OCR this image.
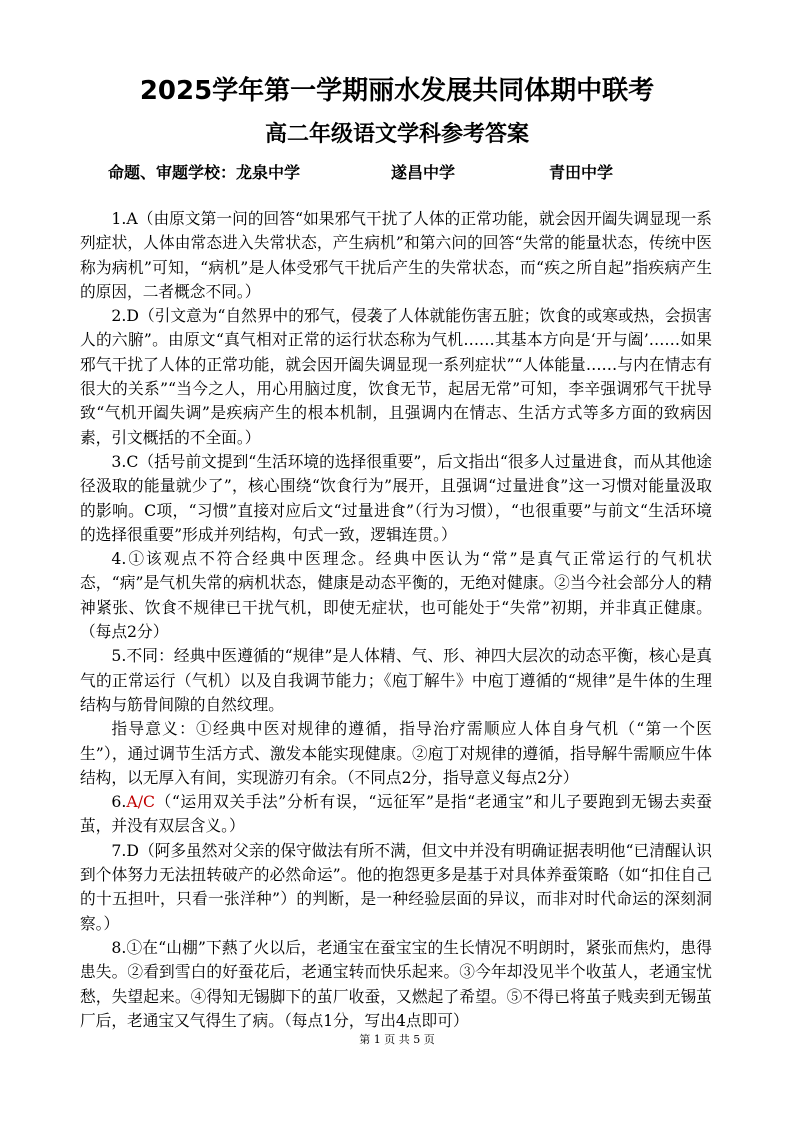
2025学年第一学期丽水发展共同体期中联考
高二年级语文学科参考答案
命题、审题学校：龙泉中学	遂昌中学	青田中学

1.A（由原文第一问的回答“如果邪气干扰了人体的正常功能，就会因开阖失调显现一系列症状，人体由常态进入失常状态，产生病机”和第六问的回答“失常的能量状态，传统中医称为病机”可知，“病机”是人体受邪气干扰后产生的失常状态，而“疾之所自起”指疾病产生的原因，二者概念不同。）

2.D（引文意为“自然界中的邪气，侵袭了人体就能伤害五脏；饮食的或寒或热，会损害人的六腑”。由原文“真气相对正常的运行状态称为气机……其基本方向是‘开与阖’……如果邪气干扰了人体的正常功能，就会因开阖失调显现一系列症状”“人体能量……与内在情志有很大的关系”“当今之人，用心用脑过度，饮食无节，起居无常”可知，李辛强调邪气干扰导致“气机开阖失调”是疾病产生的根本机制，且强调内在情志、生活方式等多方面的致病因素，引文概括的不全面。）

3.C（括号前文提到“生活环境的选择很重要”，后文指出“很多人过量进食，而从其他途径汲取的能量就少了”，核心围绕“饮食行为”展开，且强调“过量进食”这一习惯对能量汲取的影响。C项，“习惯”直接对应后文“过量进食”（行为习惯），“也很重要”与前文“生活环境的选择很重要”形成并列结构，句式一致，逻辑连贯。）

4.①该观点不符合经典中医理念。经典中医认为“常”是真气正常运行的气机状态，“病”是气机失常的病机状态，健康是动态平衡的，无绝对健康。②当今社会部分人的精神紧张、饮食不规律已干扰气机，即使无症状，也可能处于“失常”初期，并非真正健康。（每点2分）

5.不同：经典中医遵循的“规律”是人体精、气、形、神四大层次的动态平衡，核心是真气的正常运行（气机）以及自我调节能力；《庖丁解牛》中庖丁遵循的“规律”是牛体的生理结构与筋骨间隙的自然纹理。

指导意义：①经典中医对规律的遵循，指导治疗需顺应人体自身气机（“第一个医生”），通过调节生活方式、激发本能实现健康。②庖丁对规律的遵循，指导解牛需顺应牛体结构，以无厚入有间，实现游刃有余。（不同点2分，指导意义每点2分）

6.A/C（“运用双关手法”分析有误，“远征军”是指“老通宝”和儿子要跑到无锡去卖蚕茧，并没有双层含义。）

7.D（阿多虽然对父亲的保守做法有所不满，但文中并没有明确证据表明他“已清醒认识到个体努力无法扭转破产的必然命运”。他的抱怨更多是基于对具体养蚕策略（如“扣住自己的十五担叶，只看一张洋种”）的判断，是一种经验层面的异议，而非对时代命运的深刻洞察。）

8.①在“山棚”下爇了火以后，老通宝在蚕宝宝的生长情况不明朗时，紧张而焦灼，患得患失。②看到雪白的好蚕花后，老通宝转而快乐起来。③今年却没见半个收茧人，老通宝忧愁，失望起来。④得知无锡脚下的茧厂收蚕，又燃起了希望。⑤不得已将茧子贱卖到无锡茧厂后，老通宝又气得生了病。（每点1分，写出4点即可）

第 1 页 共 5 页
